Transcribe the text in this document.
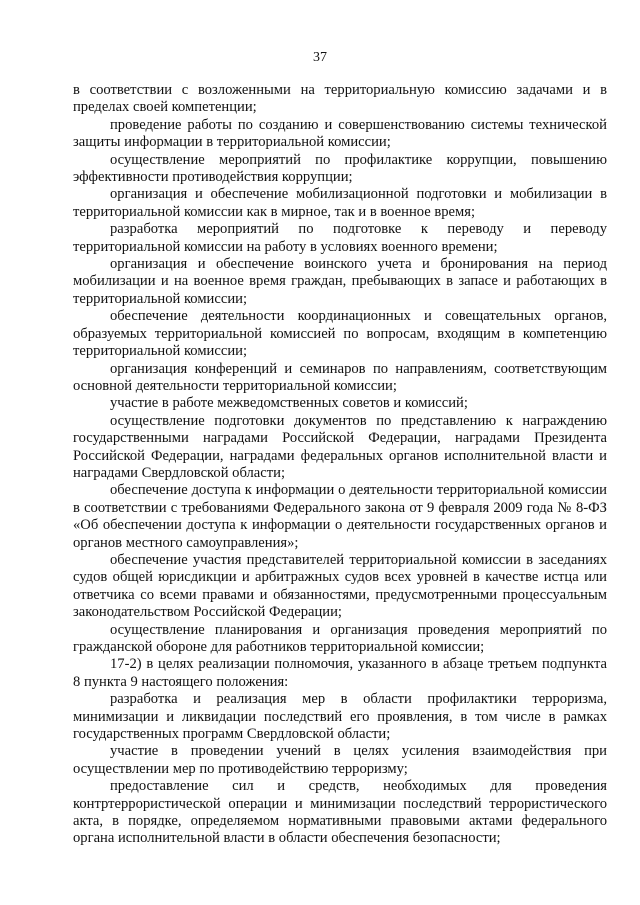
37

в соответствии с возложенными на территориальную комиссию задачами и в пределах своей компетенции;

проведение работы по созданию и совершенствованию системы технической защиты информации в территориальной комиссии;

осуществление мероприятий по профилактике коррупции, повышению эффективности противодействия коррупции;

организация и обеспечение мобилизационной подготовки и мобилизации в территориальной комиссии как в мирное, так и в военное время;

разработка мероприятий по подготовке к переводу и переводу территориальной комиссии на работу в условиях военного времени;

организация и обеспечение воинского учета и бронирования на период мобилизации и на военное время граждан, пребывающих в запасе и работающих в территориальной комиссии;

обеспечение деятельности координационных и совещательных органов, образуемых территориальной комиссией по вопросам, входящим в компетенцию территориальной комиссии;

организация конференций и семинаров по направлениям, соответствующим основной деятельности территориальной комиссии;

участие в работе межведомственных советов и комиссий;

осуществление подготовки документов по представлению к награждению государственными наградами Российской Федерации, наградами Президента Российской Федерации, наградами федеральных органов исполнительной власти и наградами Свердловской области;

обеспечение доступа к информации о деятельности территориальной комиссии в соответствии с требованиями Федерального закона от 9 февраля 2009 года № 8-ФЗ «Об обеспечении доступа к информации о деятельности государственных органов и органов местного самоуправления»;

обеспечение участия представителей территориальной комиссии в заседаниях судов общей юрисдикции и арбитражных судов всех уровней в качестве истца или ответчика со всеми правами и обязанностями, предусмотренными процессуальным законодательством Российской Федерации;

осуществление планирования и организация проведения мероприятий по гражданской обороне для работников территориальной комиссии;

17-2) в целях реализации полномочия, указанного в абзаце третьем подпункта 8 пункта 9 настоящего положения:

разработка и реализация мер в области профилактики терроризма, минимизации и ликвидации последствий его проявления, в том числе в рамках государственных программ Свердловской области;

участие в проведении учений в целях усиления взаимодействия при осуществлении мер по противодействию терроризму;

предоставление сил и средств, необходимых для проведения контртеррористической операции и минимизации последствий террористического акта, в порядке, определяемом нормативными правовыми актами федерального органа исполнительной власти в области обеспечения безопасности;
